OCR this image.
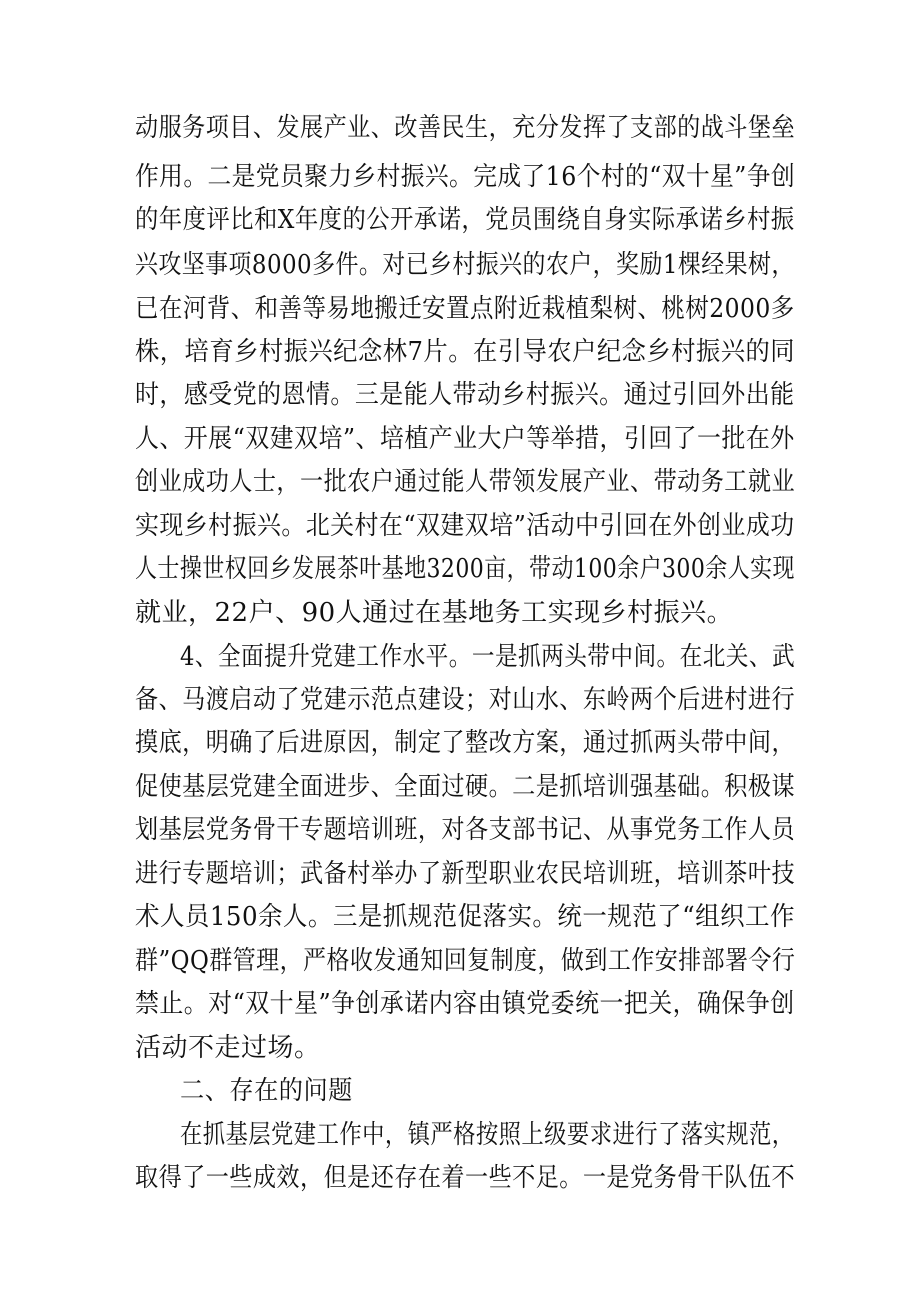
动服务项目、发展产业、改善民生，充分发挥了支部的战斗堡垒
作用。二是党员聚力乡村振兴。完成了16个村的“双十星”争创
的年度评比和X年度的公开承诺，党员围绕自身实际承诺乡村振
兴攻坚事项8000多件。对已乡村振兴的农户，奖励1棵经果树，
已在河背、和善等易地搬迁安置点附近栽植梨树、桃树2000多
株，培育乡村振兴纪念林7片。在引导农户纪念乡村振兴的同
时，感受党的恩情。三是能人带动乡村振兴。通过引回外出能
人、开展“双建双培”、培植产业大户等举措，引回了一批在外
创业成功人士，一批农户通过能人带领发展产业、带动务工就业
实现乡村振兴。北关村在“双建双培”活动中引回在外创业成功
人士操世权回乡发展茶叶基地3200亩，带动100余户300余人实现
就业，22户、90人通过在基地务工实现乡村振兴。
4、全面提升党建工作水平。一是抓两头带中间。在北关、武
备、马渡启动了党建示范点建设；对山水、东岭两个后进村进行
摸底，明确了后进原因，制定了整改方案，通过抓两头带中间，
促使基层党建全面进步、全面过硬。二是抓培训强基础。积极谋
划基层党务骨干专题培训班，对各支部书记、从事党务工作人员
进行专题培训；武备村举办了新型职业农民培训班，培训茶叶技
术人员150余人。三是抓规范促落实。统一规范了“组织工作
群”QQ群管理，严格收发通知回复制度，做到工作安排部署令行
禁止。对“双十星”争创承诺内容由镇党委统一把关，确保争创
活动不走过场。
二、存在的问题
在抓基层党建工作中，镇严格按照上级要求进行了落实规范，
取得了一些成效，但是还存在着一些不足。一是党务骨干队伍不
